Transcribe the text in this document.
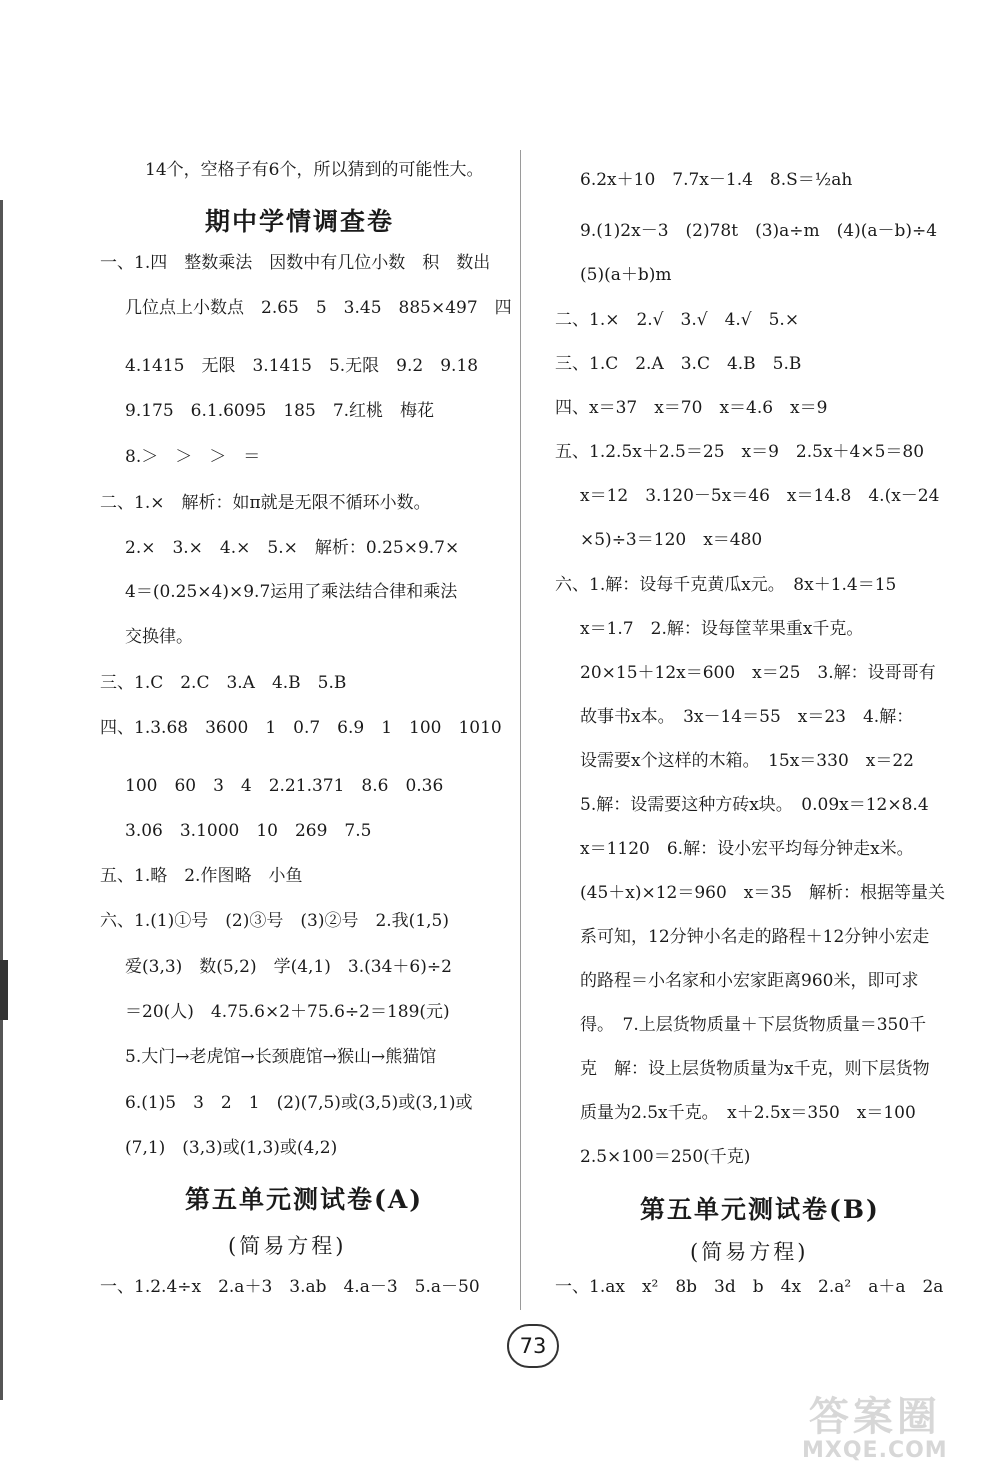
14个，空格子有6个，所以猜到的可能性大。
期中学情调查卷
一、1.四　整数乘法　因数中有几位小数　积　数出
几位点上小数点　2.65　5　3.45　885×497　四
4.1415　无限　3.1415　5.无限　9.2　9.18
9.175　6.1.6095　185　7.红桃　梅花
8.＞　＞　＞　＝
二、1.×　解析：如π就是无限不循环小数。
2.×　3.×　4.×　5.×　解析：0.25×9.7×
4＝(0.25×4)×9.7运用了乘法结合律和乘法
交换律。
三、1.C　2.C　3.A　4.B　5.B
四、1.3.68　3600　1　0.7　6.9　1　100　1010
100　60　3　4　2.21.371　8.6　0.36
3.06　3.1000　10　269　7.5
五、1.略　2.作图略　小鱼
六、1.(1)①号　(2)③号　(3)②号　2.我(1,5)
爱(3,3)　数(5,2)　学(4,1)　3.(34＋6)÷2
＝20(人)　4.75.6×2＋75.6÷2＝189(元)
5.大门→老虎馆→长颈鹿馆→猴山→熊猫馆
6.(1)5　3　2　1　(2)(7,5)或(3,5)或(3,1)或
(7,1)　(3,3)或(1,3)或(4,2)
第五单元测试卷(A)
(简易方程)
一、1.2.4÷x　2.a＋3　3.ab　4.a－3　5.a－50
6.2x＋10　7.7x－1.4　8.S＝½ah
9.(1)2x－3　(2)78t　(3)a÷m　(4)(a－b)÷4
(5)(a＋b)m
二、1.×　2.√　3.√　4.√　5.×
三、1.C　2.A　3.C　4.B　5.B
四、x＝37　x＝70　x＝4.6　x＝9
五、1.2.5x＋2.5＝25　x＝9　2.5x＋4×5＝80
x＝12　3.120－5x＝46　x＝14.8　4.(x－24
×5)÷3＝120　x＝480
六、1.解：设每千克黄瓜x元。　8x＋1.4＝15
x＝1.7　2.解：设每筐苹果重x千克。
20×15＋12x＝600　x＝25　3.解：设哥哥有
故事书x本。　3x－14＝55　x＝23　4.解：
设需要x个这样的木箱。　15x＝330　x＝22
5.解：设需要这种方砖x块。　0.09x＝12×8.4
x＝1120　6.解：设小宏平均每分钟走x米。
(45＋x)×12＝960　x＝35　解析：根据等量关
系可知，12分钟小名走的路程＋12分钟小宏走
的路程＝小名家和小宏家距离960米，即可求
得。　7.上层货物质量＋下层货物质量＝350千
克　解：设上层货物质量为x千克，则下层货物
质量为2.5x千克。　x＋2.5x＝350　x＝100
2.5×100＝250(千克)
第五单元测试卷(B)
(简易方程)
一、1.ax　x²　8b　3d　b　4x　2.a²　a＋a　2a
73
答案圈
MXQE.COM
